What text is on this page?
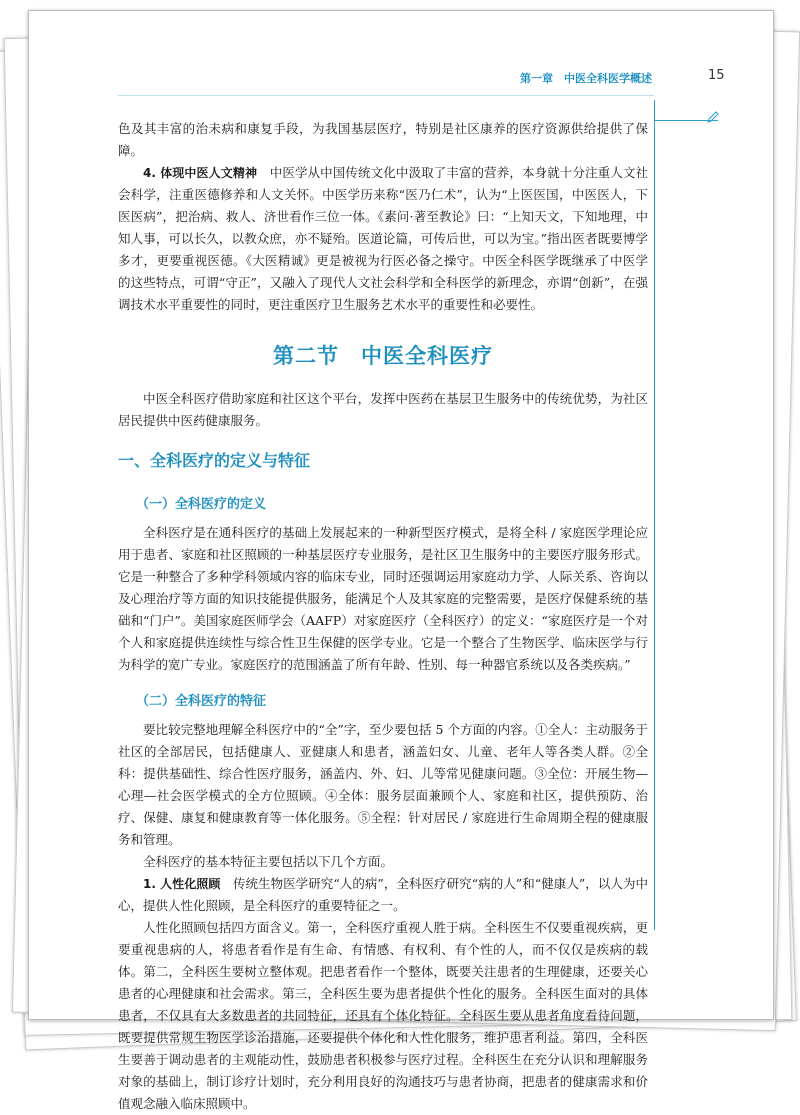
第一章　中医全科医学概述	15

色及其丰富的治未病和康复手段，为我国基层医疗，特别是社区康养的医疗资源供给提供了保障。

4. 体现中医人文精神　中医学从中国传统文化中汲取了丰富的营养，本身就十分注重人文社会科学，注重医德修养和人文关怀。中医学历来称“医乃仁术”，认为“上医医国，中医医人，下医医病”，把治病、救人、济世看作三位一体。《素问·著至教论》曰：“上知天文，下知地理，中知人事，可以长久，以教众庶，亦不疑殆。医道论篇，可传后世，可以为宝。”指出医者既要博学多才，更要重视医德。《大医精诚》更是被视为行医必备之操守。中医全科医学既继承了中医学的这些特点，可谓“守正”，又融入了现代人文社会科学和全科医学的新理念，亦谓“创新”，在强调技术水平重要性的同时，更注重医疗卫生服务艺术水平的重要性和必要性。

第二节　中医全科医疗

中医全科医疗借助家庭和社区这个平台，发挥中医药在基层卫生服务中的传统优势，为社区居民提供中医药健康服务。

一、全科医疗的定义与特征
（一）全科医疗的定义

全科医疗是在通科医疗的基础上发展起来的一种新型医疗模式，是将全科 / 家庭医学理论应用于患者、家庭和社区照顾的一种基层医疗专业服务，是社区卫生服务中的主要医疗服务形式。它是一种整合了多种学科领域内容的临床专业，同时还强调运用家庭动力学、人际关系、咨询以及心理治疗等方面的知识技能提供服务，能满足个人及其家庭的完整需要，是医疗保健系统的基础和“门户”。美国家庭医师学会（AAFP）对家庭医疗（全科医疗）的定义：“家庭医疗是一个对个人和家庭提供连续性与综合性卫生保健的医学专业。它是一个整合了生物医学、临床医学与行为科学的宽广专业。家庭医疗的范围涵盖了所有年龄、性别、每一种器官系统以及各类疾病。”

（二）全科医疗的特征

要比较完整地理解全科医疗中的“全”字，至少要包括 5 个方面的内容。①全人：主动服务于社区的全部居民，包括健康人、亚健康人和患者，涵盖妇女、儿童、老年人等各类人群。②全科：提供基础性、综合性医疗服务，涵盖内、外、妇、儿等常见健康问题。③全位：开展生物—心理—社会医学模式的全方位照顾。④全体：服务层面兼顾个人、家庭和社区，提供预防、治疗、保健、康复和健康教育等一体化服务。⑤全程：针对居民 / 家庭进行生命周期全程的健康服务和管理。

全科医疗的基本特征主要包括以下几个方面。

1. 人性化照顾　传统生物医学研究“人的病”，全科医疗研究“病的人”和“健康人”，以人为中心，提供人性化照顾，是全科医疗的重要特征之一。

人性化照顾包括四方面含义。第一，全科医疗重视人胜于病。全科医生不仅要重视疾病，更要重视患病的人，将患者看作是有生命、有情感、有权利、有个性的人，而不仅仅是疾病的载体。第二，全科医生要树立整体观。把患者看作一个整体，既要关注患者的生理健康，还要关心患者的心理健康和社会需求。第三，全科医生要为患者提供个性化的服务。全科医生面对的具体患者，不仅具有大多数患者的共同特征，还具有个体化特征。全科医生要从患者角度看待问题，既要提供常规生物医学诊治措施，还要提供个体化和人性化服务，维护患者利益。第四，全科医生要善于调动患者的主观能动性，鼓励患者积极参与医疗过程。全科医生在充分认识和理解服务对象的基础上，制订诊疗计划时，充分利用良好的沟通技巧与患者协商，把患者的健康需求和价值观念融入临床照顾中。
